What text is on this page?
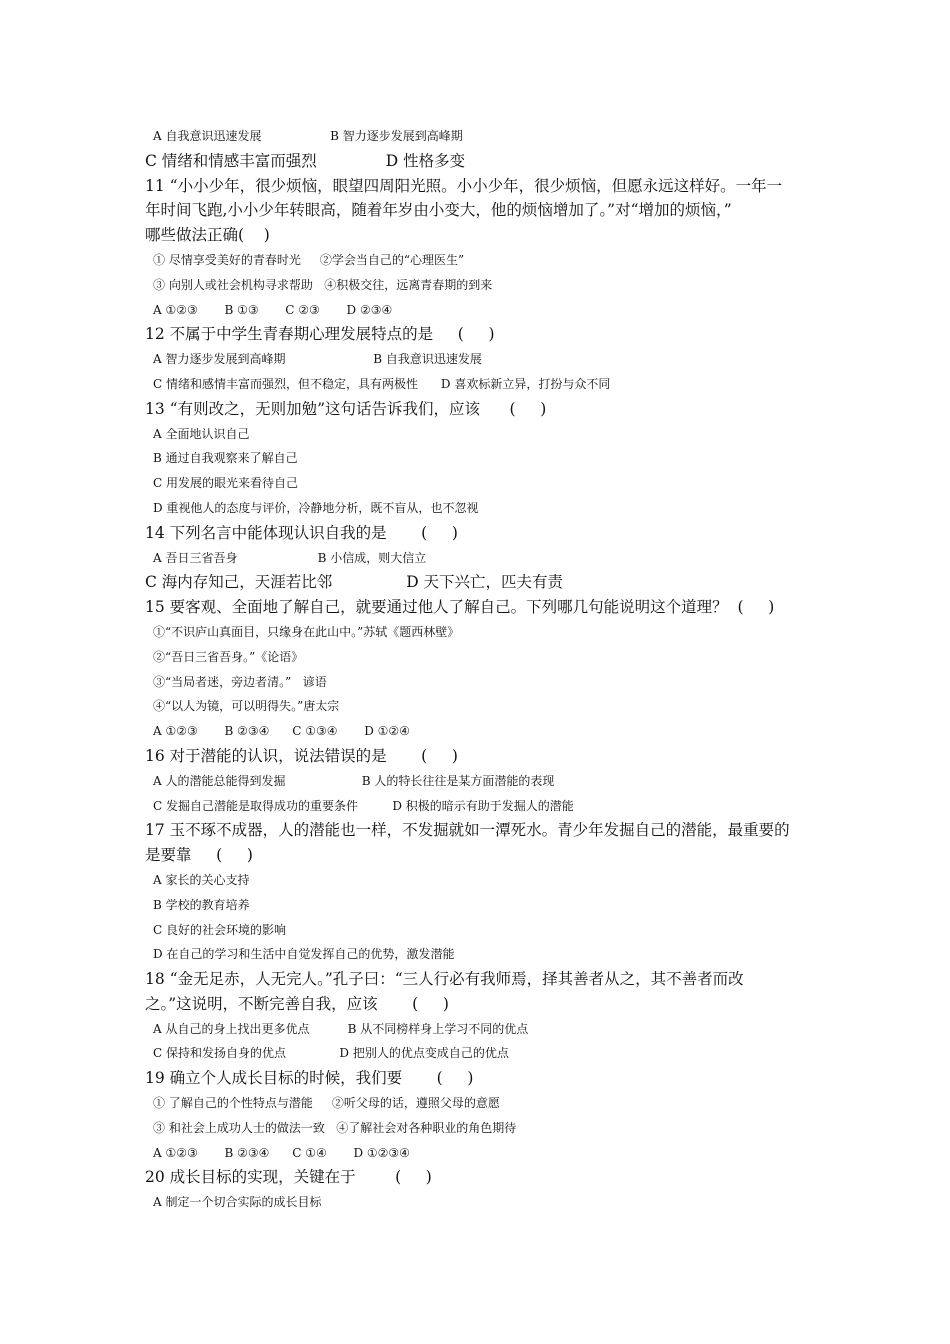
A 自我意识迅速发展                  B 智力逐步发展到高峰期
C 情绪和情感丰富而强烈              D 性格多变
11 “小小少年，很少烦恼，眼望四周阳光照。小小少年，很少烦恼，但愿永远这样好。一年一
年时间飞跑,小小少年转眼高，随着年岁由小变大，他的烦恼增加了。”对“增加的烦恼，”
哪些做法正确(    )
① 尽情享受美好的青春时光     ②学会当自己的“心理医生”
③ 向别人或社会机构寻求帮助   ④积极交往，远离青春期的到来
A ①②③       B ①③       C ②③       D ②③④
12 不属于中学生青春期心理发展特点的是     (     )
A 智力逐步发展到高峰期                       B 自我意识迅速发展
C 情绪和感情丰富而强烈，但不稳定，具有两极性      D 喜欢标新立异，打扮与众不同
13 “有则改之，无则加勉”这句话告诉我们，应该      (     )
A 全面地认识自己
B 通过自我观察来了解自己
C 用发展的眼光来看待自己
D 重视他人的态度与评价，冷静地分析，既不盲从，也不忽视
14 下列名言中能体现认识自我的是       (     )
A 吾日三省吾身                     B 小信成，则大信立
C 海内存知己，天涯若比邻               D 天下兴亡，匹夫有责
15 要客观、全面地了解自己，就要通过他人了解自己。下列哪几句能说明这个道理？  (     )
①“不识庐山真面目，只缘身在此山中。”苏轼《题西林壁》
②“吾日三省吾身。”《论语》
③“当局者迷，旁边者清。”   谚语
④“以人为镜，可以明得失。”唐太宗
A ①②③       B ②③④      C ①③④       D ①②④
16 对于潜能的认识，说法错误的是       (     )
A 人的潜能总能得到发掘                    B 人的特长往往是某方面潜能的表现
C 发掘自己潜能是取得成功的重要条件         D 积极的暗示有助于发掘人的潜能
17 玉不琢不成器，人的潜能也一样，不发掘就如一潭死水。青少年发掘自己的潜能，最重要的
是要靠     (     )
A 家长的关心支持
B 学校的教育培养
C 良好的社会环境的影响
D 在自己的学习和生活中自觉发挥自己的优势，激发潜能
18 “金无足赤，人无完人。”孔子曰：“三人行必有我师焉，择其善者从之，其不善者而改
之。”这说明，不断完善自我，应该       (     )
A 从自己的身上找出更多优点          B 从不同榜样身上学习不同的优点
C 保持和发扬自身的优点              D 把别人的优点变成自己的优点
19 确立个人成长目标的时候，我们要       (     )
① 了解自己的个性特点与潜能     ②听父母的话，遵照父母的意愿
③ 和社会上成功人士的做法一致   ④了解社会对各种职业的角色期待
A ①②③       B ②③④      C ①④       D ①②③④
20 成长目标的实现，关键在于        (     )
A 制定一个切合实际的成长目标
